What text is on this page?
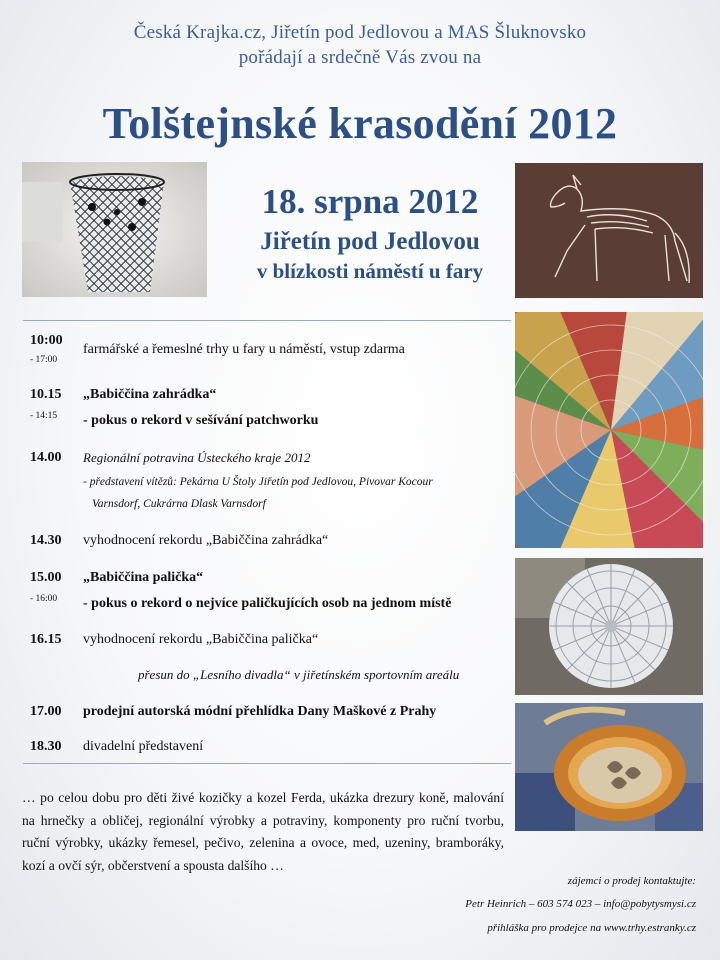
Česká Krajka.cz, Jiřetín pod Jedlovou a MAS Šluknovsko
pořádají a srdečně Vás zvou na
Tolštejnské krasodění 2012
18. srpna 2012
Jiřetín pod Jedlovou
v blízkosti náměstí u fary
10:00
- 17:00
farmářské a řemeslné trhy u fary u náměstí, vstup zdarma
10.15
- 14:15
„Babiččina zahrádka“
- pokus o rekord v sešívání patchworku
14.00 Regionální potravina Ústeckého kraje 2012
- představení vítězů: Pekárna U Štoly Jiřetín pod Jedlovou, Pivovar Kocour
Varnsdorf, Cukrárna Dlask Varnsdorf
14.30 vyhodnocení rekordu „Babiččina zahrádka“
15.00
- 16:00
„Babiččina palička“
- pokus o rekord o nejvíce paličkujících osob na jednom místě
16.15 vyhodnocení rekordu „Babiččina palička“
přesun do „Lesního divadla“ v jiřetínském sportovním areálu
17.00 prodejní autorská módní přehlídka Dany Maškové z Prahy
18.30 divadelní představení
… po celou dobu pro děti živé kozičky a kozel Ferda, ukázka drezury koně, malování na hrnečky a obličej, regionální výrobky a potraviny, komponenty pro ruční tvorbu, ruční výrobky, ukázky řemesel, pečivo, zelenina a ovoce, med, uzeniny, bramboráky, kozí a ovčí sýr, občerstvení a spousta dalšího …
zájemci o prodej kontaktujte:
Petr Heinrich – 603 574 023 – info@pobytysmysi.cz
přihláška pro prodejce na www.trhy.estranky.cz
